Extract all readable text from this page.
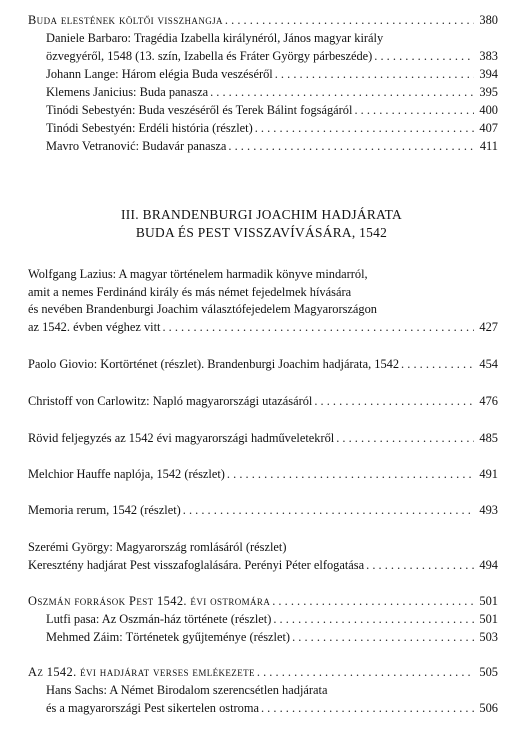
Buda elestének költői visszhangja . . .	380
Daniele Barbaro: Tragédia Izabella királynéról, János magyar király
özvegyéről, 1548 (13. szín, Izabella és Fráter György párbeszéde) . . .	383
Johann Lange: Három elégia Buda veszéséről . . .	394
Klemens Janicius: Buda panasza . . .	395
Tinódi Sebestyén: Buda veszéséről és Terek Bálint fogságáról . . .	400
Tinódi Sebestyén: Erdéli história (részlet) . . .	407
Mavro Vetranović: Budavár panasza . . .	411
III. BRANDENBURGI JOACHIM HADJÁRATA
BUDA ÉS PEST VISSZAVÍVÁSÁRA, 1542
Wolfgang Lazius: A magyar történelem harmadik könyve mindarról,
amit a nemes Ferdinánd király és más német fejedelmek hívására
és nevében Brandenburgi Joachim választófejedelem Magyarországon
az 1542. évben véghez vitt . . .	427
Paolo Giovio: Kortörténet (részlet). Brandenburgi Joachim hadjárata, 1542 . . .	454
Christoff von Carlowitz: Napló magyarországi utazásáról . . .	476
Rövid feljegyzés az 1542 évi magyarországi hadműveletekről . . .	485
Melchior Hauffe naplója, 1542 (részlet) . . .	491
Memoria rerum, 1542 (részlet) . . .	493
Szerémi György: Magyarország romlásáról (részlet)
Keresztény hadjárat Pest visszafoglalására. Perényi Péter elfogatása . . .	494
Oszmán források Pest 1542. évi ostromára . . .	501
Lutfi pasa: Az Oszmán-ház története (részlet) . . .	501
Mehmed Záim: Történetek gyűjteménye (részlet) . . .	503
Az 1542. évi hadjárat verses emlékezete . . .	505
Hans Sachs: A Német Birodalom szerencsétlen hadjárata
és a magyarországi Pest sikertelen ostroma . . .	506
